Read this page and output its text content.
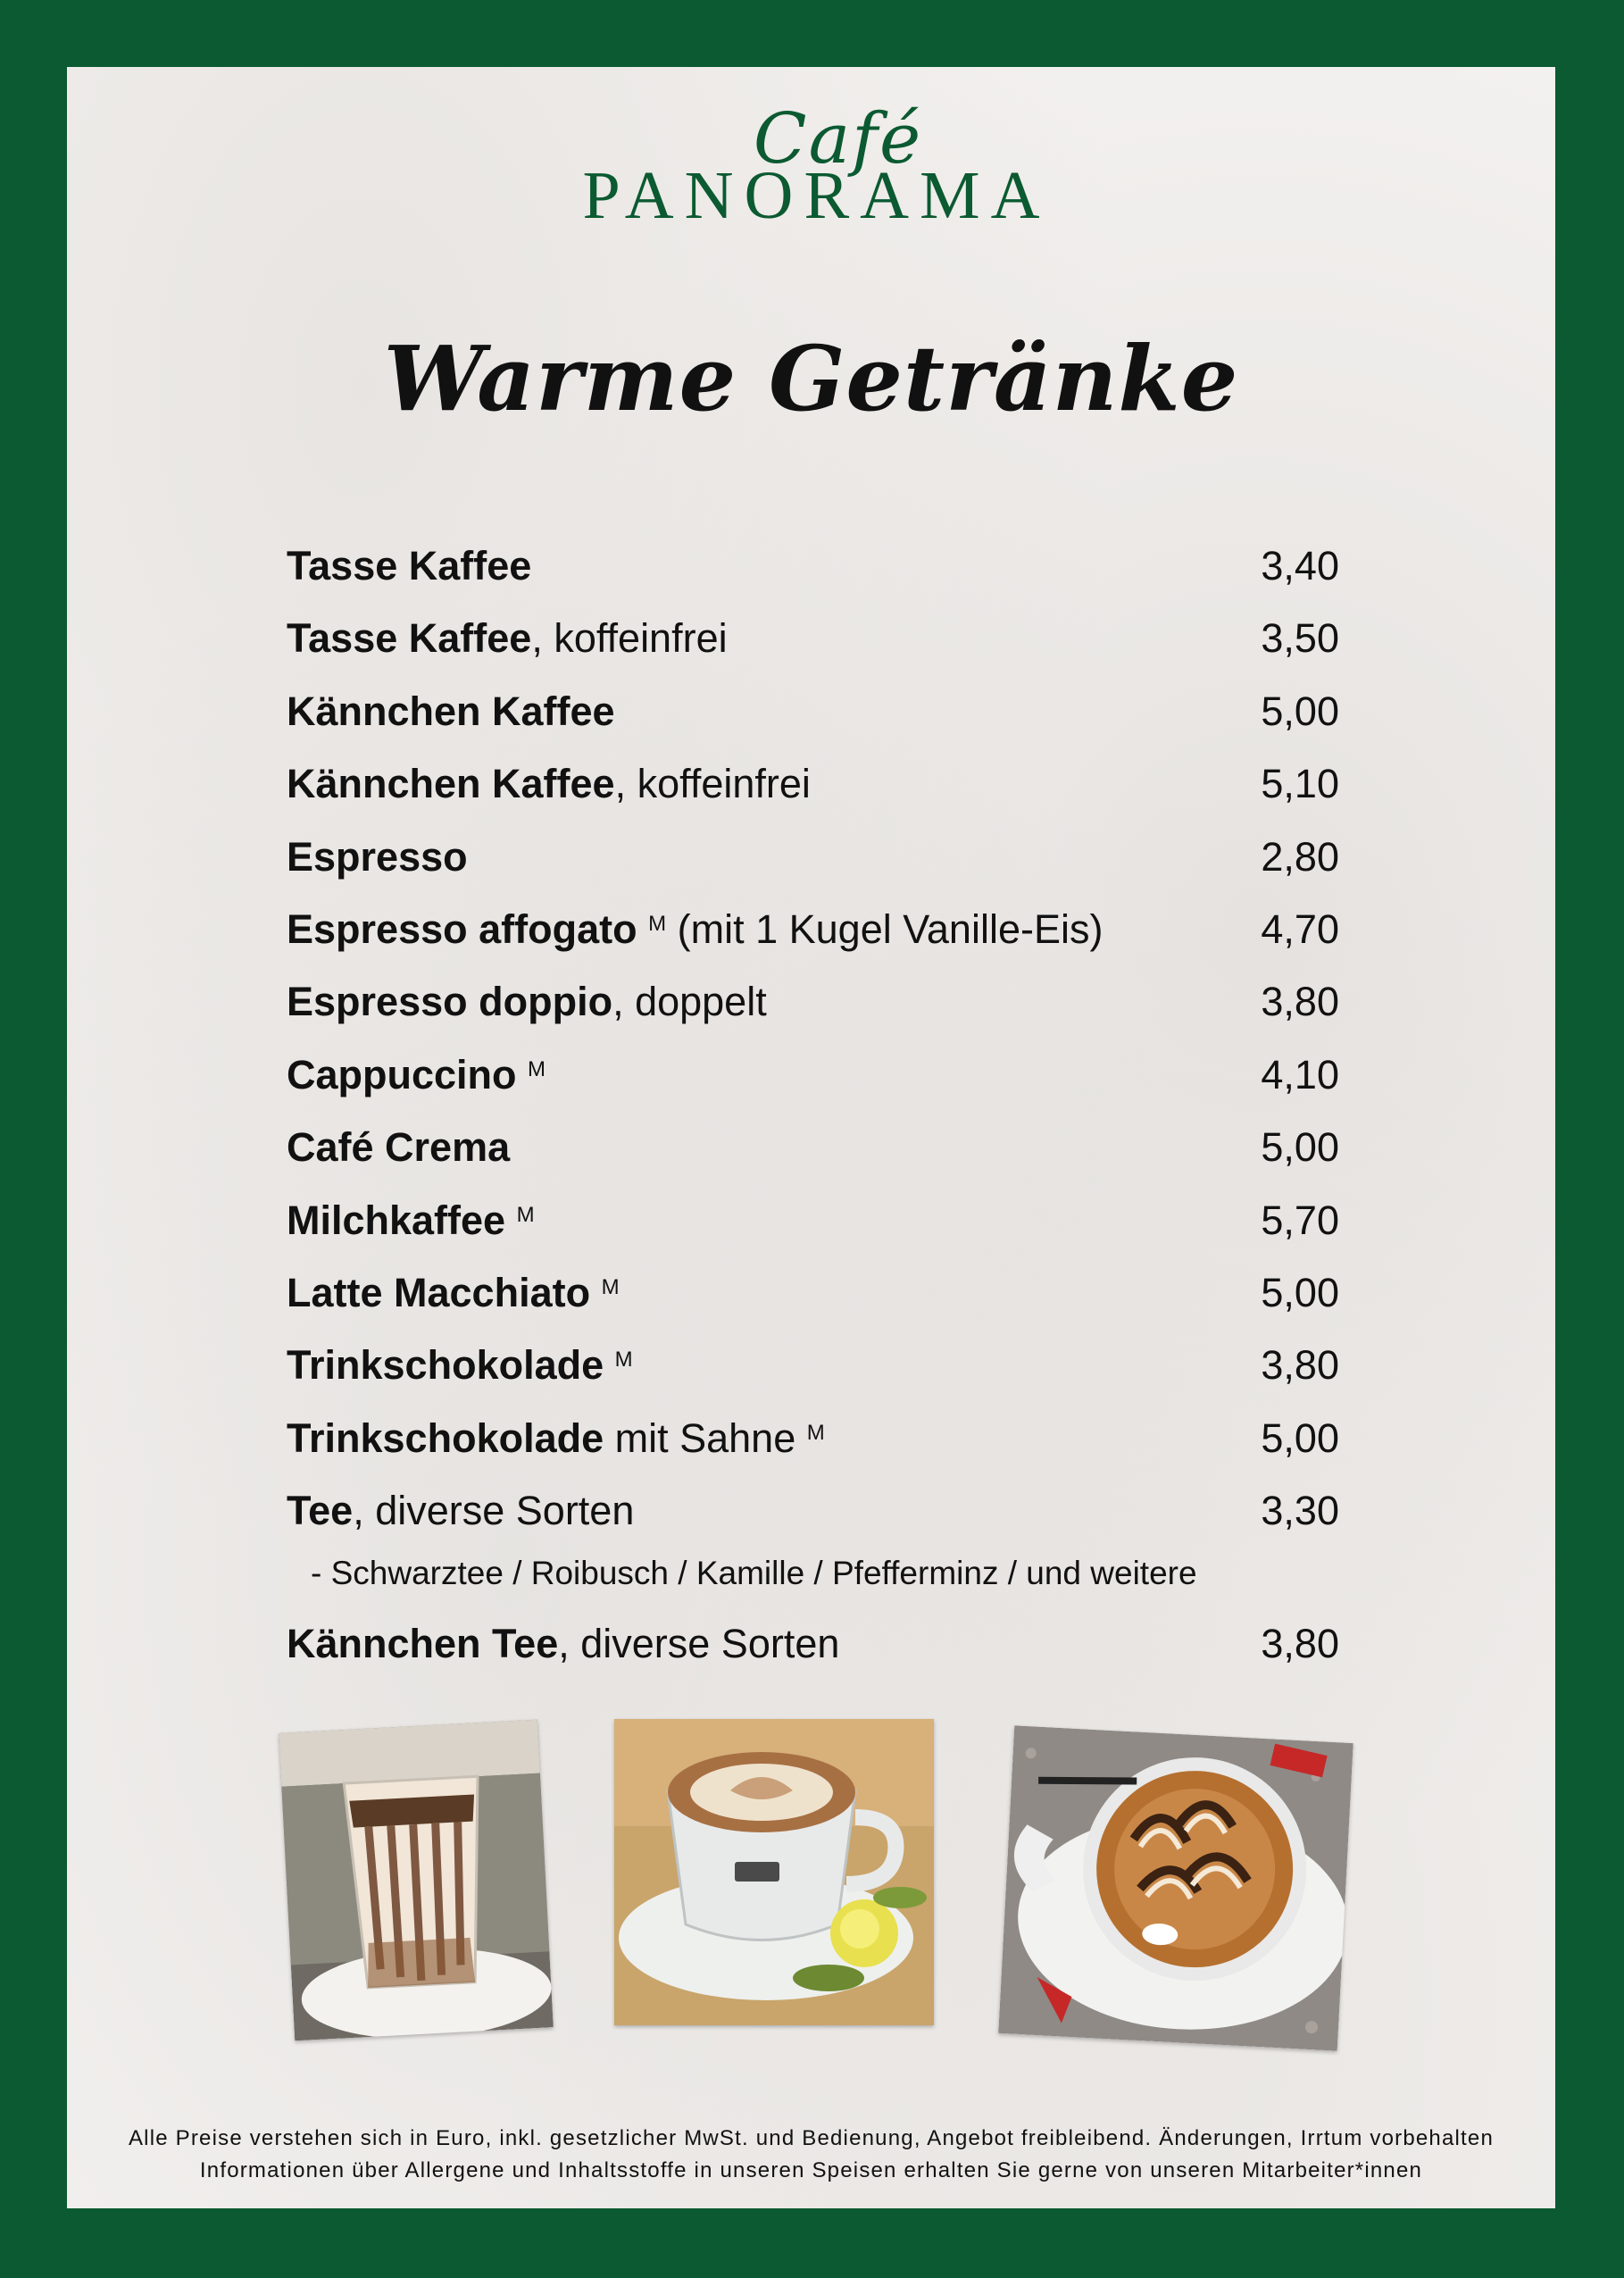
Café
PANORAMA
Warme Getränke
Tasse Kaffee	3,40
Tasse Kaffee, koffeinfrei	3,50
Kännchen Kaffee	5,00
Kännchen Kaffee, koffeinfrei	5,10
Espresso	2,80
Espresso affogato $^M$ (mit 1 Kugel Vanille-Eis)	4,70
Espresso doppio, doppelt	3,80
Cappuccino $^M$	4,10
Café Crema	5,00
Milchkaffee $^M$	5,70
Latte Macchiato $^M$	5,00
Trinkschokolade $^M$	3,80
Trinkschokolade mit Sahne $^M$	5,00
Tee, diverse Sorten	3,30
- Schwarztee / Roibusch / Kamille / Pfefferminz / und weitere
Kännchen Tee, diverse Sorten	3,80
Alle Preise verstehen sich in Euro, inkl. gesetzlicher MwSt. und Bedienung, Angebot freibleibend. Änderungen, Irrtum vorbehalten
Informationen über Allergene und Inhaltsstoffe in unseren Speisen erhalten Sie gerne von unseren Mitarbeiter*innen
